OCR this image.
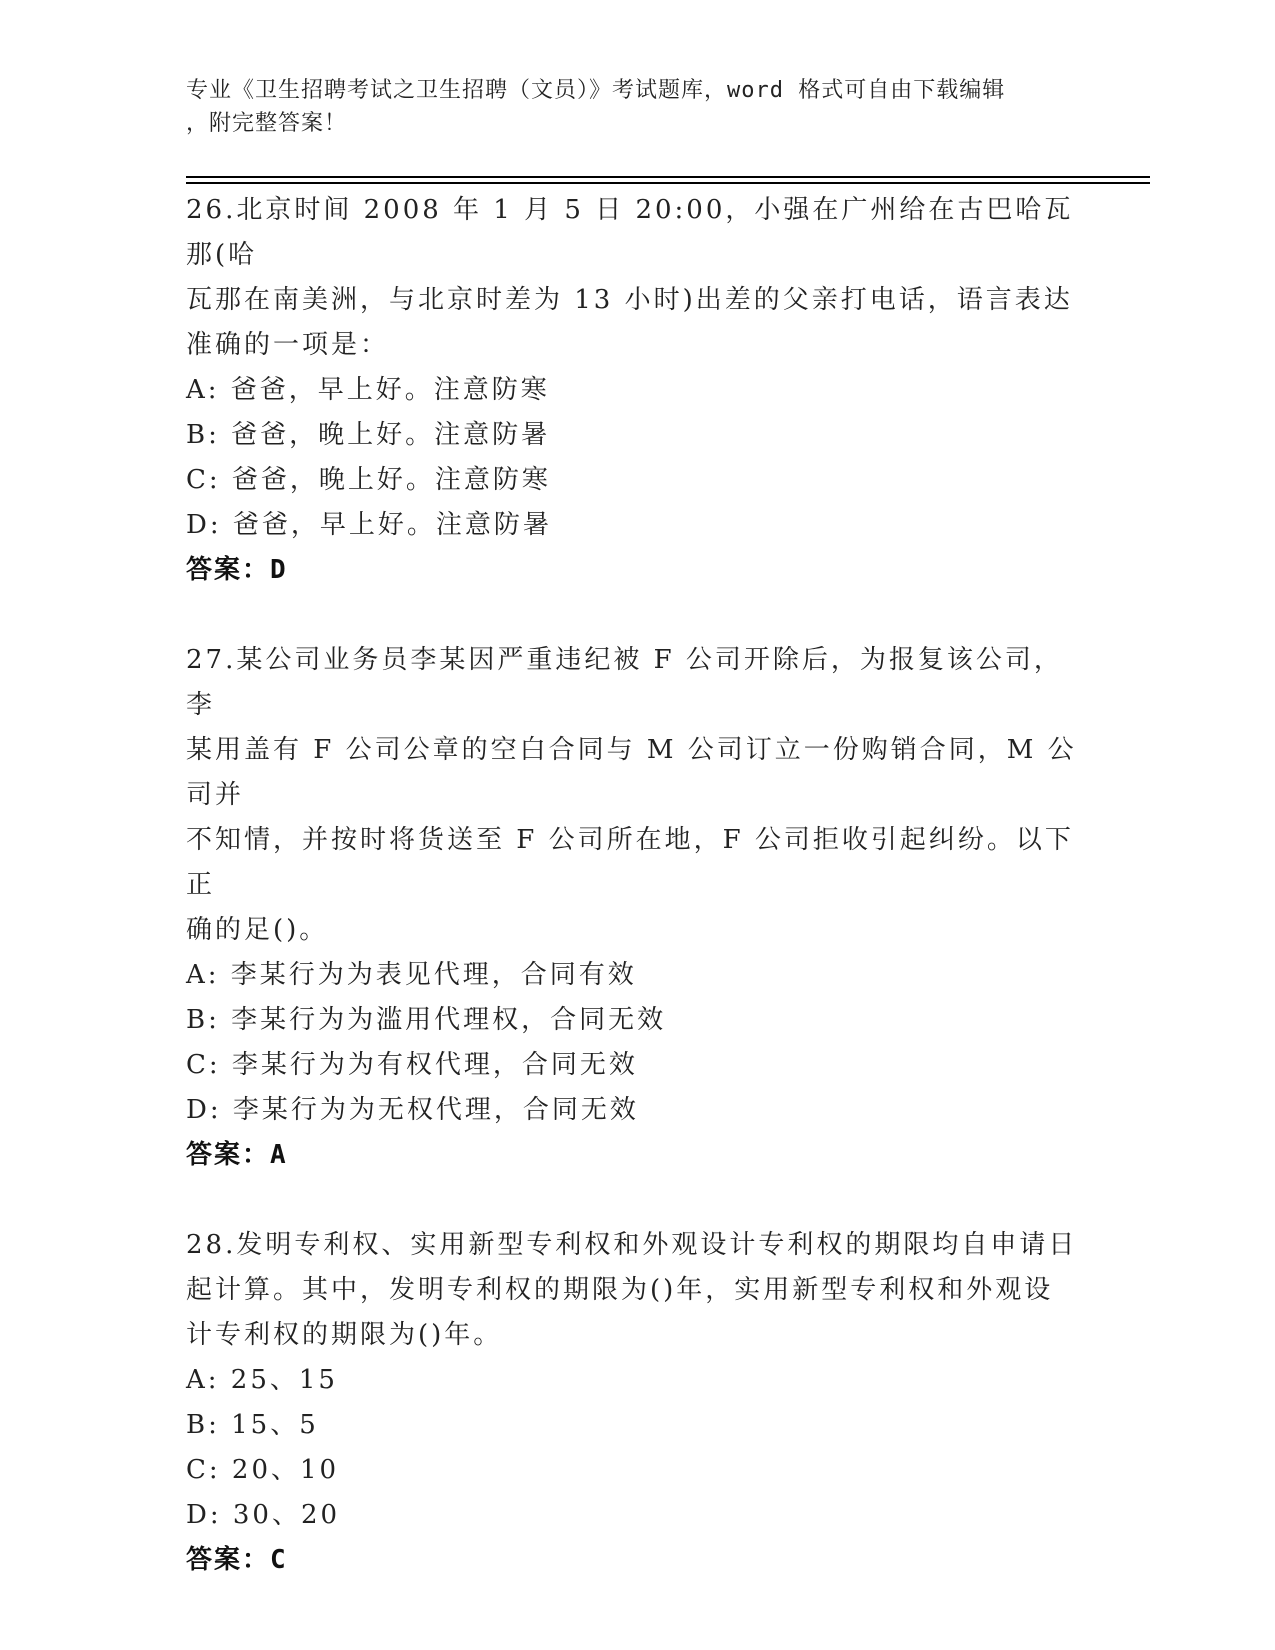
专业《卫生招聘考试之卫生招聘（文员）》考试题库，word 格式可自由下载编辑
，附完整答案！
26.北京时间 2008 年 1 月 5 日 20:00，小强在广州给在古巴哈瓦那(哈
瓦那在南美洲，与北京时差为 13 小时)出差的父亲打电话，语言表达
准确的一项是：
A: 爸爸，早上好。注意防寒
B: 爸爸，晚上好。注意防暑
C: 爸爸，晚上好。注意防寒
D: 爸爸，早上好。注意防暑
答案：D
27.某公司业务员李某因严重违纪被 F 公司开除后，为报复该公司，李
某用盖有 F 公司公章的空白合同与 M 公司订立一份购销合同，M 公司并
不知情，并按时将货送至 F 公司所在地，F 公司拒收引起纠纷。以下正
确的足()。
A: 李某行为为表见代理，合同有效
B: 李某行为为滥用代理权，合同无效
C: 李某行为为有权代理，合同无效
D: 李某行为为无权代理，合同无效
答案：A
28.发明专利权、实用新型专利权和外观设计专利权的期限均自申请日
起计算。其中，发明专利权的期限为()年，实用新型专利权和外观设
计专利权的期限为()年。
A: 25、15
B: 15、5
C: 20、10
D: 30、20
答案：C
